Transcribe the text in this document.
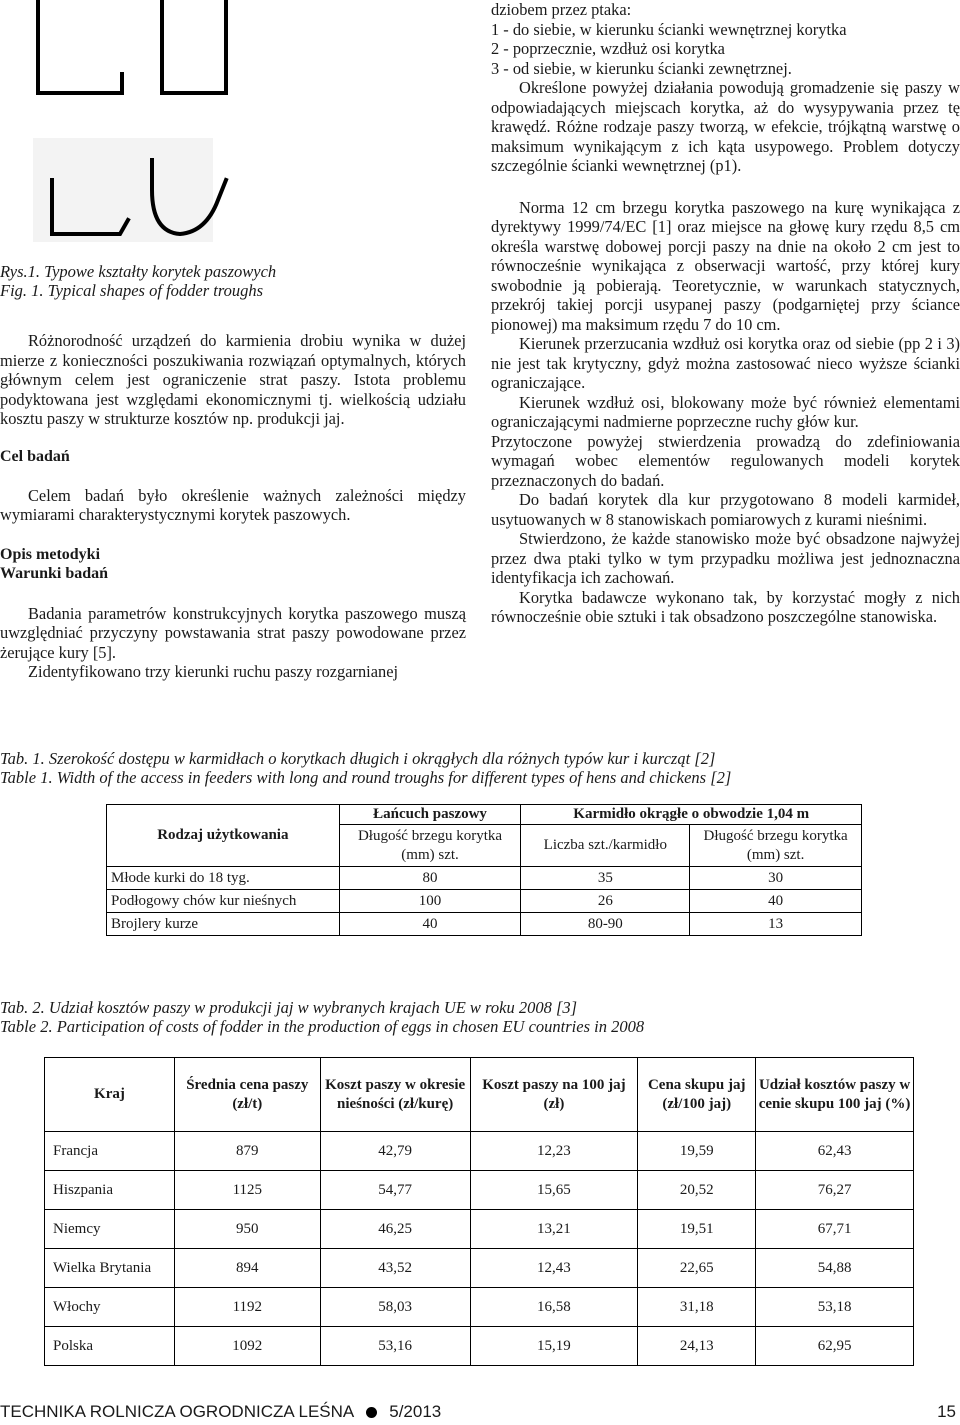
Rys.1. Typowe kształty korytek paszowych
Fig. 1. Typical shapes of fodder troughs

Różnorodność urządzeń do karmienia drobiu wynika w dużej mierze z konieczności poszukiwania rozwiązań optymalnych, których głównym celem jest ograniczenie strat paszy. Istota problemu podyktowana jest względami ekonomicznymi tj. wielkością udziału kosztu paszy w strukturze kosztów np. produkcji jaj.

Cel badań

Celem badań było określenie ważnych zależności między wymiarami charakterystycznymi korytek paszowych.

Opis metodyki
Warunki badań

Badania parametrów konstrukcyjnych korytka paszowego muszą uwzględniać przyczyny powstawania strat paszy powodowane przez żerujące kury [5].

Zidentyfikowano trzy kierunki ruchu paszy rozgarnianej

dziobem przez ptaka:

1 - do siebie, w kierunku ścianki wewnętrznej korytka

2 - poprzecznie, wzdłuż osi korytka

3 - od siebie, w kierunku ścianki zewnętrznej.

Określone powyżej działania powodują gromadzenie się paszy w odpowiadających miejscach korytka, aż do wysypywania przez tę krawędź. Różne rodzaje paszy tworzą, w efekcie, trójkątną warstwę o maksimum wynikającym z ich kąta usypowego. Problem dotyczy szczególnie ścianki wewnętrznej (p1).

Norma 12 cm brzegu korytka paszowego na kurę wynikająca z dyrektywy 1999/74/EC [1] oraz miejsce na głowę kury rzędu 8,5 cm określa warstwę dobowej porcji paszy na dnie na około 2 cm jest to równocześnie wynikająca z obserwacji wartość, przy której kury swobodnie ją pobierają. Teoretycznie, w warunkach statycznych, przekrój takiej porcji usypanej paszy (podgarniętej przy ściance pionowej) ma maksimum rzędu 7 do 10 cm.

Kierunek przerzucania wzdłuż osi korytka oraz od siebie (pp 2 i 3) nie jest tak krytyczny, gdyż można zastosować nieco wyższe ścianki ograniczające.

Kierunek wzdłuż osi, blokowany może być również elementami ograniczającymi nadmierne poprzeczne ruchy głów kur.

Przytoczone powyżej stwierdzenia prowadzą do zdefiniowania wymagań wobec elementów regulowanych modeli korytek przeznaczonych do badań.

Do badań korytek dla kur przygotowano 8 modeli karmideł, usytuowanych w 8 stanowiskach pomiarowych z kurami nieśnimi.

Stwierdzono, że każde stanowisko może być obsadzone najwyżej przez dwa ptaki tylko w tym przypadku możliwa jest jednoznaczna identyfikacja ich zachowań.

Korytka badawcze wykonano tak, by korzystać mogły z nich równocześnie obie sztuki i tak obsadzono poszczególne stanowiska.

Tab. 1. Szerokość dostępu w karmidłach o korytkach długich i okrągłych dla różnych typów kur i kurcząt [2]
Table 1. Width of the access in feeders with long and round troughs for different types of hens and chickens [2]
Rodzaj użytkowania	Łańcuch paszowy	Karmidło okrągłe o obwodzie 1,04 m	
	Długość brzegu korytka (mm) szt.	Liczba szt./karmidło	Długość brzegu korytka (mm) szt.
Młode kurki do 18 tyg.	80	35	30
Podłogowy chów kur nieśnych	100	26	40
Brojlery kurze	40	80-90	13
Tab. 2. Udział kosztów paszy w produkcji jaj w wybranych krajach UE w roku 2008 [3]
Table 2. Participation of costs of fodder in the production of eggs in chosen EU countries in 2008
Kraj	Średnia cena paszy (zł/t)	Koszt paszy w okresie nieśności (zł/kurę)	Koszt paszy na 100 jaj (zł)	Cena skupu jaj (zł/100 jaj)	Udział kosztów paszy w cenie skupu 100 jaj (%)
Francja	879	42,79	12,23	19,59	62,43
Hiszpania	1125	54,77	15,65	20,52	76,27
Niemcy	950	46,25	13,21	19,51	67,71
Wielka Brytania	894	43,52	12,43	22,65	54,88
Włochy	1192	58,03	16,58	31,18	53,18
Polska	1092	53,16	15,19	24,13	62,95
TECHNIKA ROLNICZA OGRODNICZA LEŚNA 5/2013	15
